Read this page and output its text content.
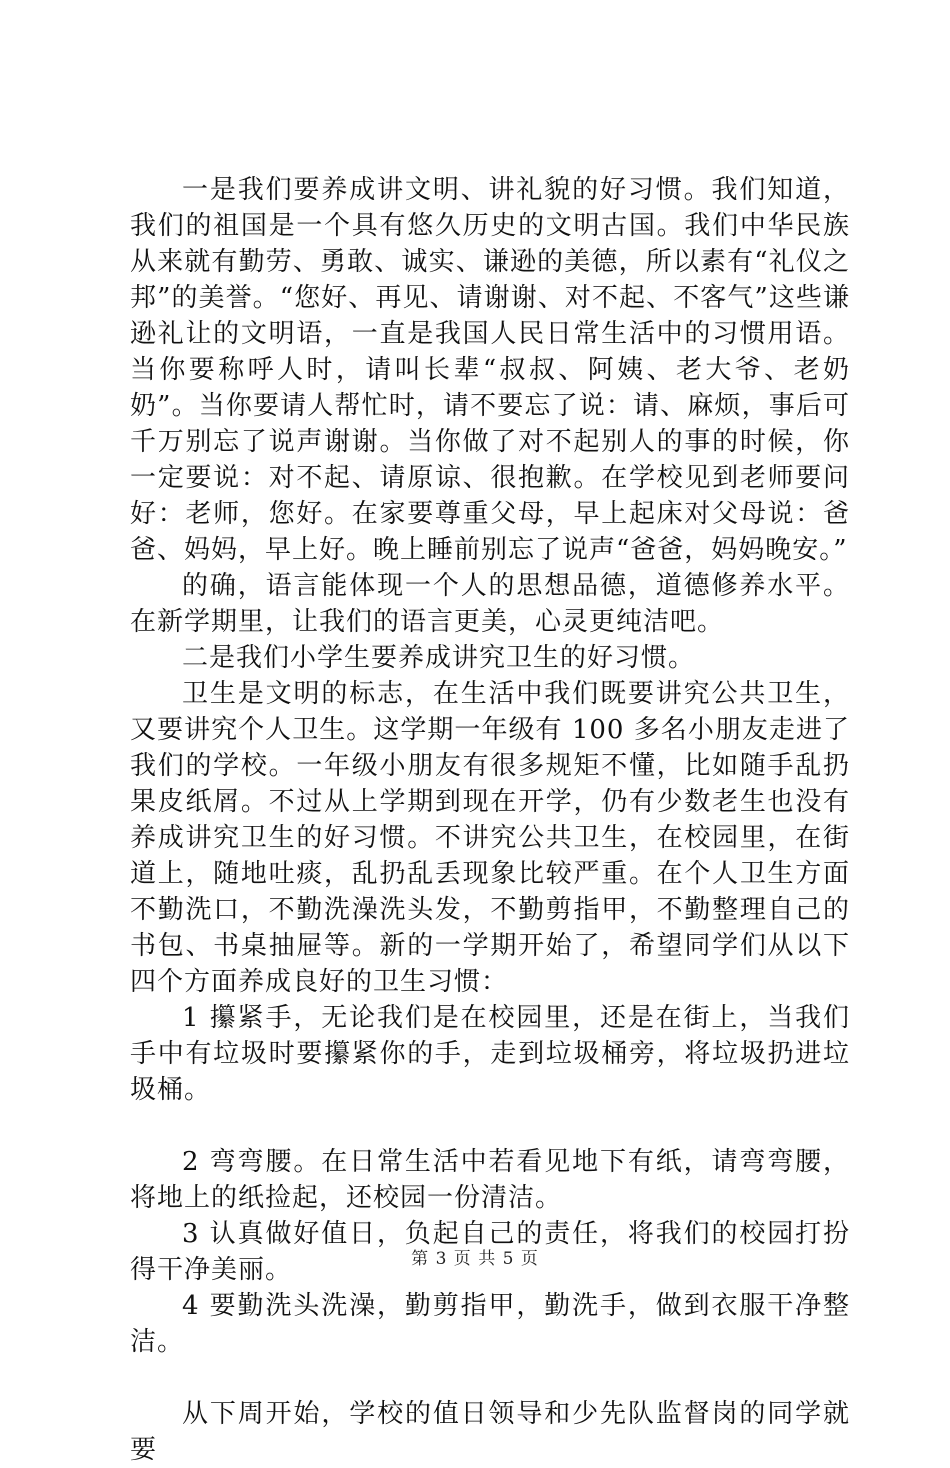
一是我们要养成讲文明、讲礼貌的好习惯。我们知道，我们的祖国是一个具有悠久历史的文明古国。我们中华民族从来就有勤劳、勇敢、诚实、谦逊的美德，所以素有“礼仪之邦”的美誉。“您好、再见、请谢谢、对不起、不客气”这些谦逊礼让的文明语，一直是我国人民日常生活中的习惯用语。当你要称呼人时，请叫长辈“叔叔、阿姨、老大爷、老奶奶”。当你要请人帮忙时，请不要忘了说：请、麻烦，事后可千万别忘了说声谢谢。当你做了对不起别人的事的时候，你一定要说：对不起、请原谅、很抱歉。在学校见到老师要问好：老师，您好。在家要尊重父母，早上起床对父母说：爸爸、妈妈，早上好。晚上睡前别忘了说声“爸爸，妈妈晚安。”

的确，语言能体现一个人的思想品德，道德修养水平。在新学期里，让我们的语言更美，心灵更纯洁吧。

二是我们小学生要养成讲究卫生的好习惯。

卫生是文明的标志，在生活中我们既要讲究公共卫生，又要讲究个人卫生。这学期一年级有 100 多名小朋友走进了我们的学校。一年级小朋友有很多规矩不懂，比如随手乱扔果皮纸屑。不过从上学期到现在开学，仍有少数老生也没有养成讲究卫生的好习惯。不讲究公共卫生，在校园里，在街道上，随地吐痰，乱扔乱丢现象比较严重。在个人卫生方面不勤洗口，不勤洗澡洗头发，不勤剪指甲，不勤整理自己的书包、书桌抽屉等。新的一学期开始了，希望同学们从以下四个方面养成良好的卫生习惯：

1 攥紧手，无论我们是在校园里，还是在街上，当我们手中有垃圾时要攥紧你的手，走到垃圾桶旁，将垃圾扔进垃圾桶。

2 弯弯腰。在日常生活中若看见地下有纸，请弯弯腰，将地上的纸捡起，还校园一份清洁。

3 认真做好值日，负起自己的责任，将我们的校园打扮得干净美丽。

4 要勤洗头洗澡，勤剪指甲，勤洗手，做到衣服干净整洁。

从下周开始，学校的值日领导和少先队监督岗的同学就要

第 3 页 共 5 页
